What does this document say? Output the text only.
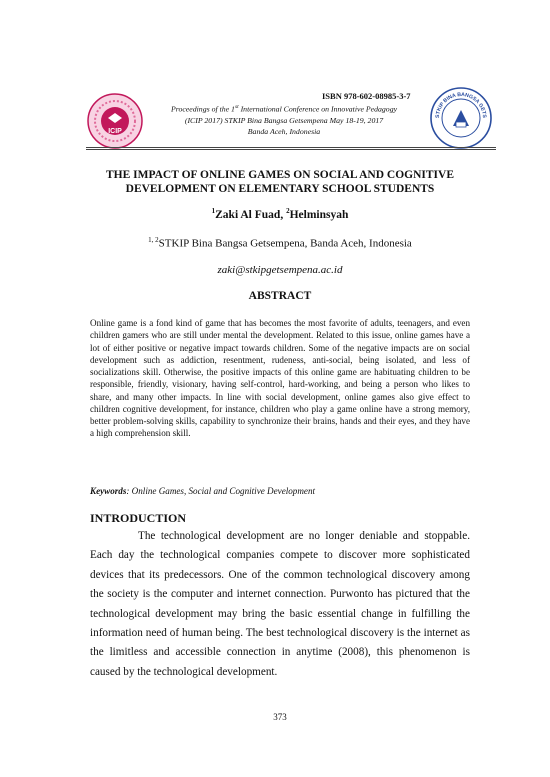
ISBN 978-602-08985-3-7
ICIP
Proceedings of the 1st International Conference on Innovative Pedagogy
(ICIP 2017) STKIP Bina Bangsa Getsempena May 18-19, 2017
Banda Aceh, Indonesia
STKIP BINA BANGSA GETS
THE IMPACT OF ONLINE GAMES ON SOCIAL AND COGNITIVE
DEVELOPMENT ON ELEMENTARY SCHOOL STUDENTS
$^1$Zaki Al Fuad, $^2$Helminsyah
$^{1, 2}$STKIP Bina Bangsa Getsempena, Banda Aceh, Indonesia
zaki@stkipgetsempena.ac.id
ABSTRACT
Online game is a fond kind of game that has becomes the most favorite of adults, teenagers, and even children gamers who are still under mental the development. Related to this issue, online games have a lot of either positive or negative impact towards children. Some of the negative impacts are on social development such as addiction, resentment, rudeness, anti-social, being isolated, and less of socializations skill. Otherwise, the positive impacts of this online game are habituating children to be responsible, friendly, visionary, having self-control, hard-working, and being a person who likes to share, and many other impacts. In line with social development, online games also give effect to children cognitive development, for instance, children who play a game online have a strong memory, better problem-solving skills, capability to synchronize their brains, hands and their eyes, and they have a high comprehension skill.
Keywords: Online Games, Social and Cognitive Development
INTRODUCTION
The technological development are no longer deniable and stoppable. Each day the technological companies compete to discover more sophisticated devices that its predecessors. One of the common technological discovery among the society is the computer and internet connection. Purwonto has pictured that the technological development may bring the basic essential change in fulfilling the information need of human being. The best technological discovery is the internet as the limitless and accessible connection in anytime (2008), this phenomenon is caused by the technological development.
373
